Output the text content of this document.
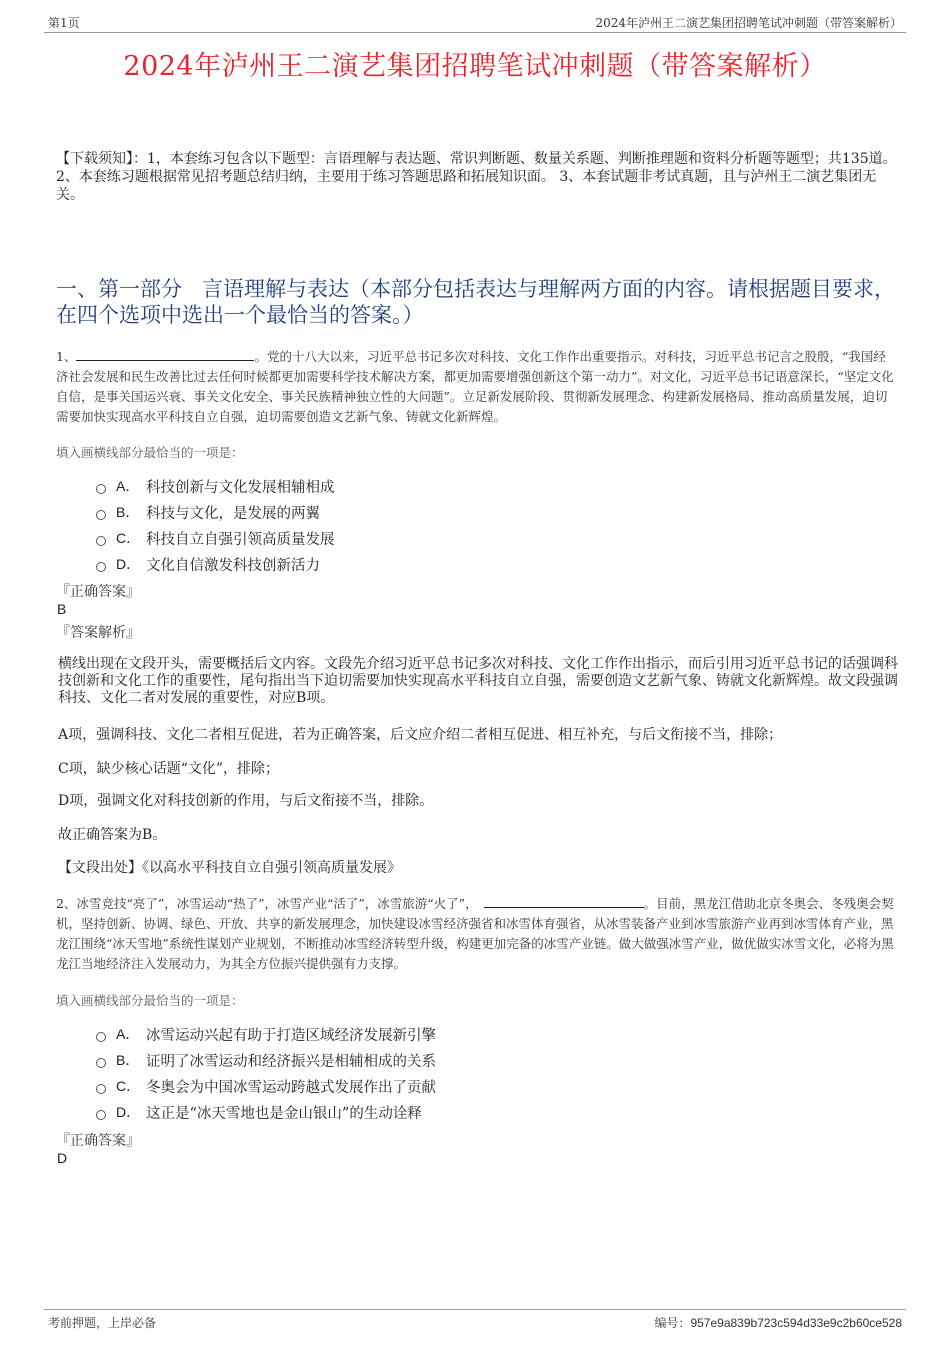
第1页	2024年泸州王二演艺集团招聘笔试冲刺题（带答案解析）
2024年泸州王二演艺集团招聘笔试冲刺题（带答案解析）
【下载须知】：1，本套练习包含以下题型：言语理解与表达题、常识判断题、数量关系题、判断推理题和资料分析题等题型；共135道。 2、本套练习题根据常见招考题总结归纳，主要用于练习答题思路和拓展知识面。 3、本套试题非考试真题，且与泸州王二演艺集团无关。
一、第一部分 言语理解与表达（本部分包括表达与理解两方面的内容。请根据题目要求，在四个选项中选出一个最恰当的答案。）
1、	。党的十八大以来，习近平总书记多次对科技、文化工作作出重要指示。对科技，习近平总书记言之股殷，“我国经济社会发展和民生改善比过去任何时候都更加需要科学技术解决方案，都更加需要增强创新这个第一动力”。对文化，习近平总书记语意深长，“坚定文化自信，是事关国运兴衰、事关文化安全、事关民族精神独立性的大问题”。立足新发展阶段、贯彻新发展理念、构建新发展格局、推动高质量发展，迫切需要加快实现高水平科技自立自强，迫切需要创造文艺新气象、铸就文化新辉煌。
填入画横线部分最恰当的一项是：
A． 科技创新与文化发展相辅相成
B． 科技与文化，是发展的两翼
C． 科技自立自强引领高质量发展
D． 文化自信激发科技创新活力
『正确答案』
B
『答案解析』
横线出现在文段开头，需要概括后文内容。文段先介绍习近平总书记多次对科技、文化工作作出指示，而后引用习近平总书记的话强调科技创新和文化工作的重要性，尾句指出当下迫切需要加快实现高水平科技自立自强，需要创造文艺新气象、铸就文化新辉煌。故文段强调科技、文化二者对发展的重要性，对应B项。
A项，强调科技、文化二者相互促进，若为正确答案，后文应介绍二者相互促进、相互补充，与后文衔接不当，排除；
C项，缺少核心话题“文化”，排除；
D项，强调文化对科技创新的作用，与后文衔接不当，排除。
故正确答案为B。
【文段出处】《以高水平科技自立自强引领高质量发展》
2、冰雪竞技“亮了”，冰雪运动“热了”，冰雪产业“活了”，冰雪旅游“火了”，	。目前，黑龙江借助北京冬奥会、冬残奥会契机，坚持创新、协调、绿色、开放、共享的新发展理念，加快建设冰雪经济强省和冰雪体育强省，从冰雪装备产业到冰雪旅游产业再到冰雪体育产业，黑龙江围绕“冰天雪地”系统性谋划产业规划，不断推动冰雪经济转型升级，构建更加完备的冰雪产业链。做大做强冰雪产业，做优做实冰雪文化，必将为黑龙江当地经济注入发展动力，为其全方位振兴提供强有力支撑。
填入画横线部分最恰当的一项是：
A． 冰雪运动兴起有助于打造区域经济发展新引擎
B． 证明了冰雪运动和经济振兴是相辅相成的关系
C． 冬奥会为中国冰雪运动跨越式发展作出了贡献
D． 这正是“冰天雪地也是金山银山”的生动诠释
『正确答案』
D
考前押题，上岸必备	编号：957e9a839b723c594d33e9c2b60ce528
